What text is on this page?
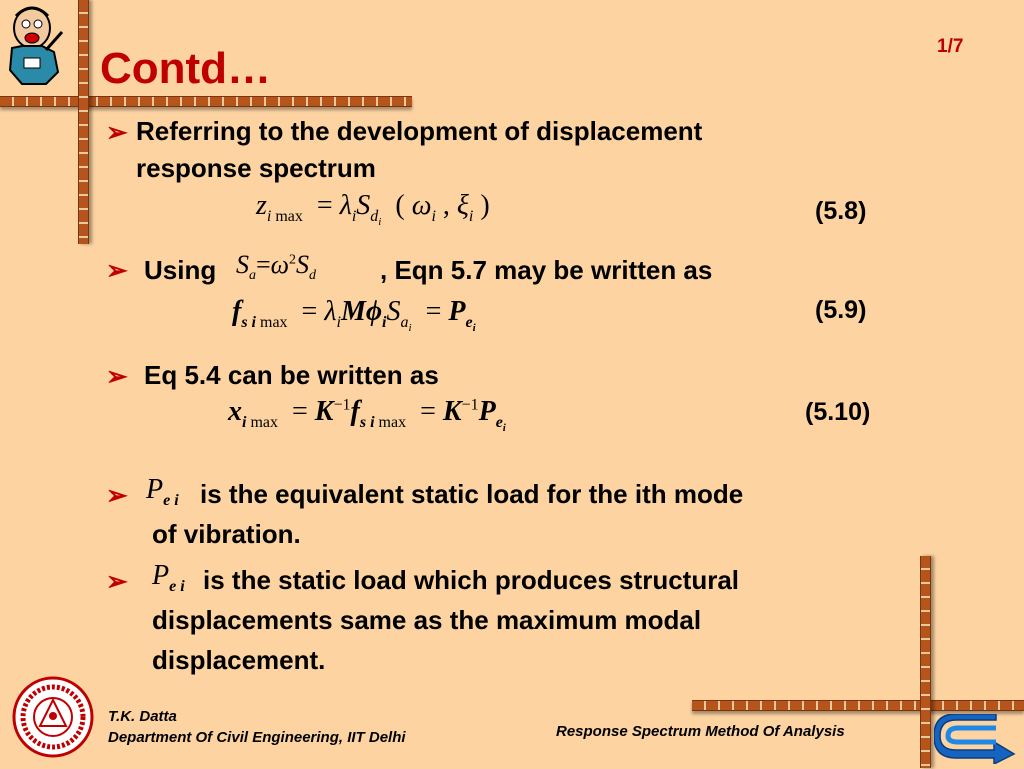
Contd…	1/7
➢ Referring to the development of displacement
response spectrum
$z_{i max} = \lambda_iS_{d_i}$  ( $\omega_i$ , $\xi_i$ )	(5.8)
➢ Using $S_a=\omega^2S_d$ , Eqn 5.7 may be written as
$f_{s i max} = \lambda_iM\phi_iS_{a_i} = P_{e_i}$
(5.9)
➢ Eq 5.4 can be written as
$x_{i max} = K^{-1}f_{s i max} = K^{-1}P_{e_i}$
(5.10)
➢ $P_{e i}$ is the equivalent static load for the ith mode
of vibration.
➢ $P_{e i}$ is the static load which produces structural
displacements same as the maximum modal
displacement.
T.K. Datta
Department Of Civil Engineering, IIT Delhi	Response Spectrum Method Of Analysis
